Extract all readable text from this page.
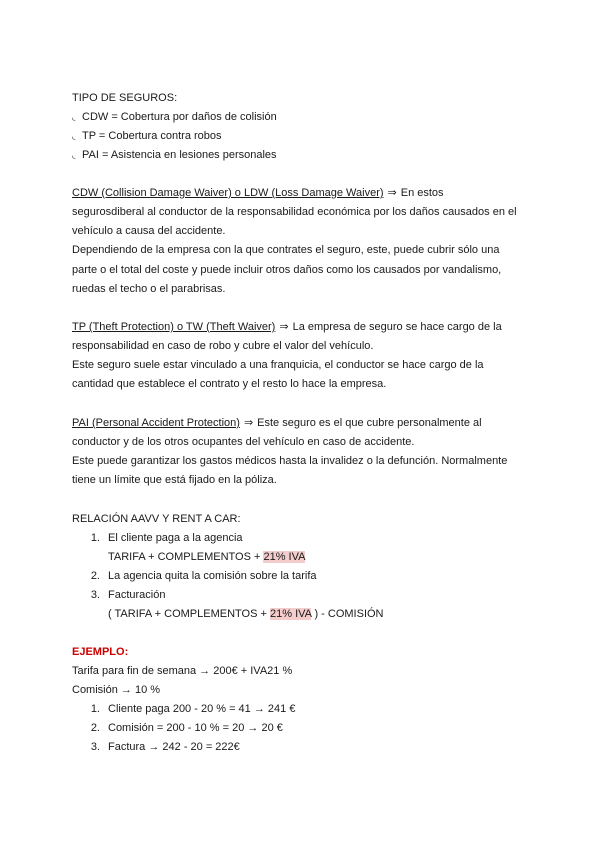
TIPO DE SEGUROS:
◟ CDW = Cobertura por daños de colisión
◟ TP = Cobertura contra robos
◟ PAI = Asistencia en lesiones personales
CDW (Collision Damage Waiver) o LDW (Loss Damage Waiver) ⇒ En estos
segurosdiberal al conductor de la responsabilidad económica por los daños causados en el
vehículo a causa del accidente.
Dependiendo de la empresa con la que contrates el seguro, este, puede cubrir sólo una
parte o el total del coste y puede incluir otros daños como los causados por vandalismo,
ruedas el techo o el parabrisas.
TP (Theft Protection) o TW (Theft Waiver) ⇒ La empresa de seguro se hace cargo de la
responsabilidad en caso de robo y cubre el valor del vehículo.
Este seguro suele estar vinculado a una franquicia, el conductor se hace cargo de la
cantidad que establece el contrato y el resto lo hace la empresa.
PAI (Personal Accident Protection) ⇒ Este seguro es el que cubre personalmente al
conductor y de los otros ocupantes del vehículo en caso de accidente.
Este puede garantizar los gastos médicos hasta la invalidez o la defunción. Normalmente
tiene un límite que está fijado en la póliza.
RELACIÓN AAVV Y RENT A CAR:
1. El cliente paga a la agencia
TARIFA + COMPLEMENTOS + 21% IVA
2. La agencia quita la comisión sobre la tarifa
3. Facturación
( TARIFA + COMPLEMENTOS + 21% IVA ) - COMISIÓN
EJEMPLO:
Tarifa para fin de semana → 200€ + IVA21 %
Comisión → 10 %
1. Cliente paga 200 - 20 % = 41 → 241 €
2. Comisión = 200 - 10 % = 20 → 20 €
3. Factura → 242 - 20 = 222€
